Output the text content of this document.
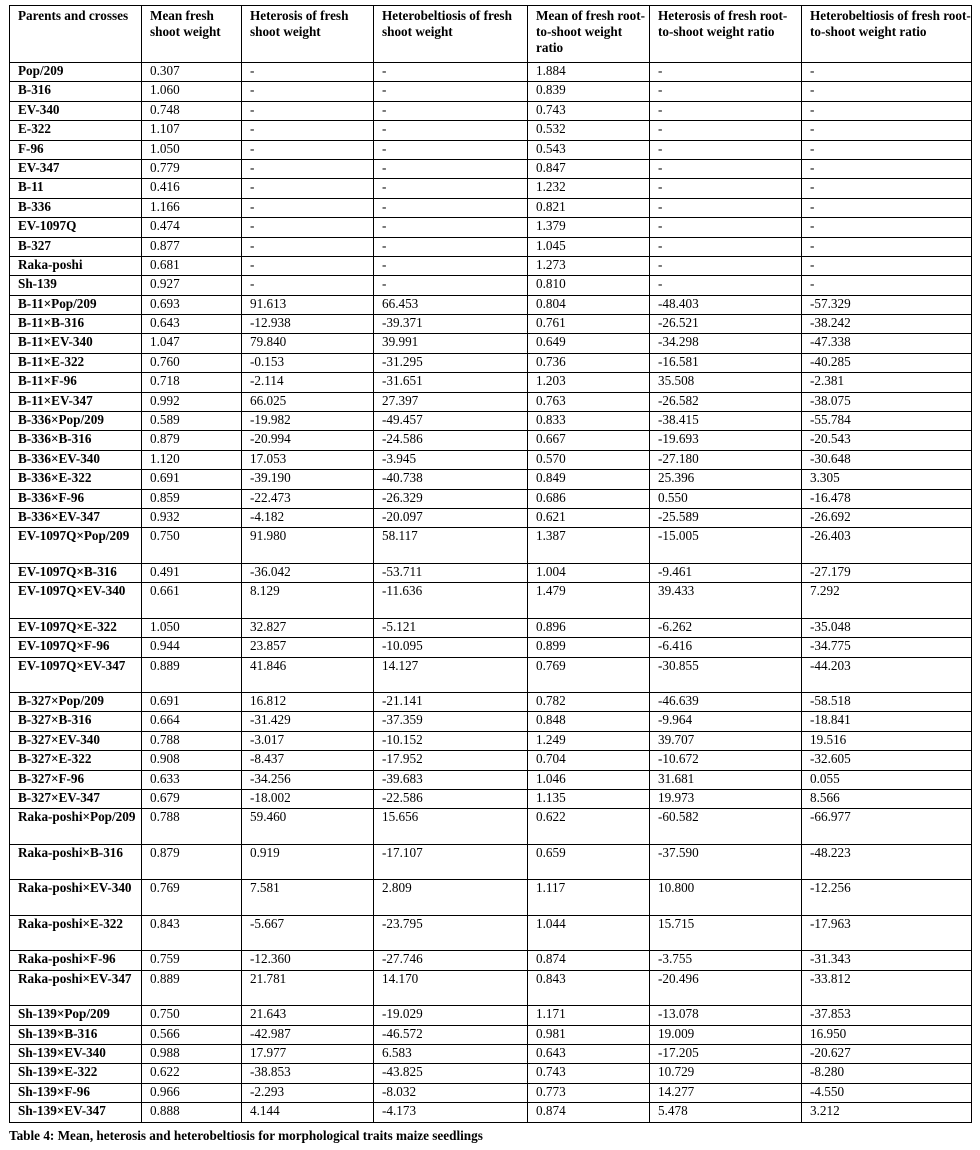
Parents and crosses	Mean fresh shoot weight	Heterosis of fresh shoot weight	Heterobeltiosis of fresh shoot weight	Mean of fresh root-to-shoot weight ratio	Heterosis of fresh root-to-shoot weight ratio	Heterobeltiosis of fresh root-to-shoot weight ratio
Pop/209	0.307	-	-	1.884	-	-
B-316	1.060	-	-	0.839	-	-
EV-340	0.748	-	-	0.743	-	-
E-322	1.107	-	-	0.532	-	-
F-96	1.050	-	-	0.543	-	-
EV-347	0.779	-	-	0.847	-	-
B-11	0.416	-	-	1.232	-	-
B-336	1.166	-	-	0.821	-	-
EV-1097Q	0.474	-	-	1.379	-	-
B-327	0.877	-	-	1.045	-	-
Raka-poshi	0.681	-	-	1.273	-	-
Sh-139	0.927	-	-	0.810	-	-
B-11×Pop/209	0.693	91.613	66.453	0.804	-48.403	-57.329
B-11×B-316	0.643	-12.938	-39.371	0.761	-26.521	-38.242
B-11×EV-340	1.047	79.840	39.991	0.649	-34.298	-47.338
B-11×E-322	0.760	-0.153	-31.295	0.736	-16.581	-40.285
B-11×F-96	0.718	-2.114	-31.651	1.203	35.508	-2.381
B-11×EV-347	0.992	66.025	27.397	0.763	-26.582	-38.075
B-336×Pop/209	0.589	-19.982	-49.457	0.833	-38.415	-55.784
B-336×B-316	0.879	-20.994	-24.586	0.667	-19.693	-20.543
B-336×EV-340	1.120	17.053	-3.945	0.570	-27.180	-30.648
B-336×E-322	0.691	-39.190	-40.738	0.849	25.396	3.305
B-336×F-96	0.859	-22.473	-26.329	0.686	0.550	-16.478
B-336×EV-347	0.932	-4.182	-20.097	0.621	-25.589	-26.692
EV-1097Q×Pop/209	0.750	91.980	58.117	1.387	-15.005	-26.403
EV-1097Q×B-316	0.491	-36.042	-53.711	1.004	-9.461	-27.179
EV-1097Q×EV-340	0.661	8.129	-11.636	1.479	39.433	7.292
EV-1097Q×E-322	1.050	32.827	-5.121	0.896	-6.262	-35.048
EV-1097Q×F-96	0.944	23.857	-10.095	0.899	-6.416	-34.775
EV-1097Q×EV-347	0.889	41.846	14.127	0.769	-30.855	-44.203
B-327×Pop/209	0.691	16.812	-21.141	0.782	-46.639	-58.518
B-327×B-316	0.664	-31.429	-37.359	0.848	-9.964	-18.841
B-327×EV-340	0.788	-3.017	-10.152	1.249	39.707	19.516
B-327×E-322	0.908	-8.437	-17.952	0.704	-10.672	-32.605
B-327×F-96	0.633	-34.256	-39.683	1.046	31.681	0.055
B-327×EV-347	0.679	-18.002	-22.586	1.135	19.973	8.566
Raka-poshi×Pop/209	0.788	59.460	15.656	0.622	-60.582	-66.977
Raka-poshi×B-316	0.879	0.919	-17.107	0.659	-37.590	-48.223
Raka-poshi×EV-340	0.769	7.581	2.809	1.117	10.800	-12.256
Raka-poshi×E-322	0.843	-5.667	-23.795	1.044	15.715	-17.963
Raka-poshi×F-96	0.759	-12.360	-27.746	0.874	-3.755	-31.343
Raka-poshi×EV-347	0.889	21.781	14.170	0.843	-20.496	-33.812
Sh-139×Pop/209	0.750	21.643	-19.029	1.171	-13.078	-37.853
Sh-139×B-316	0.566	-42.987	-46.572	0.981	19.009	16.950
Sh-139×EV-340	0.988	17.977	6.583	0.643	-17.205	-20.627
Sh-139×E-322	0.622	-38.853	-43.825	0.743	10.729	-8.280
Sh-139×F-96	0.966	-2.293	-8.032	0.773	14.277	-4.550
Sh-139×EV-347	0.888	4.144	-4.173	0.874	5.478	3.212
Table 4: Mean, heterosis and heterobeltiosis for morphological traits maize seedlings
